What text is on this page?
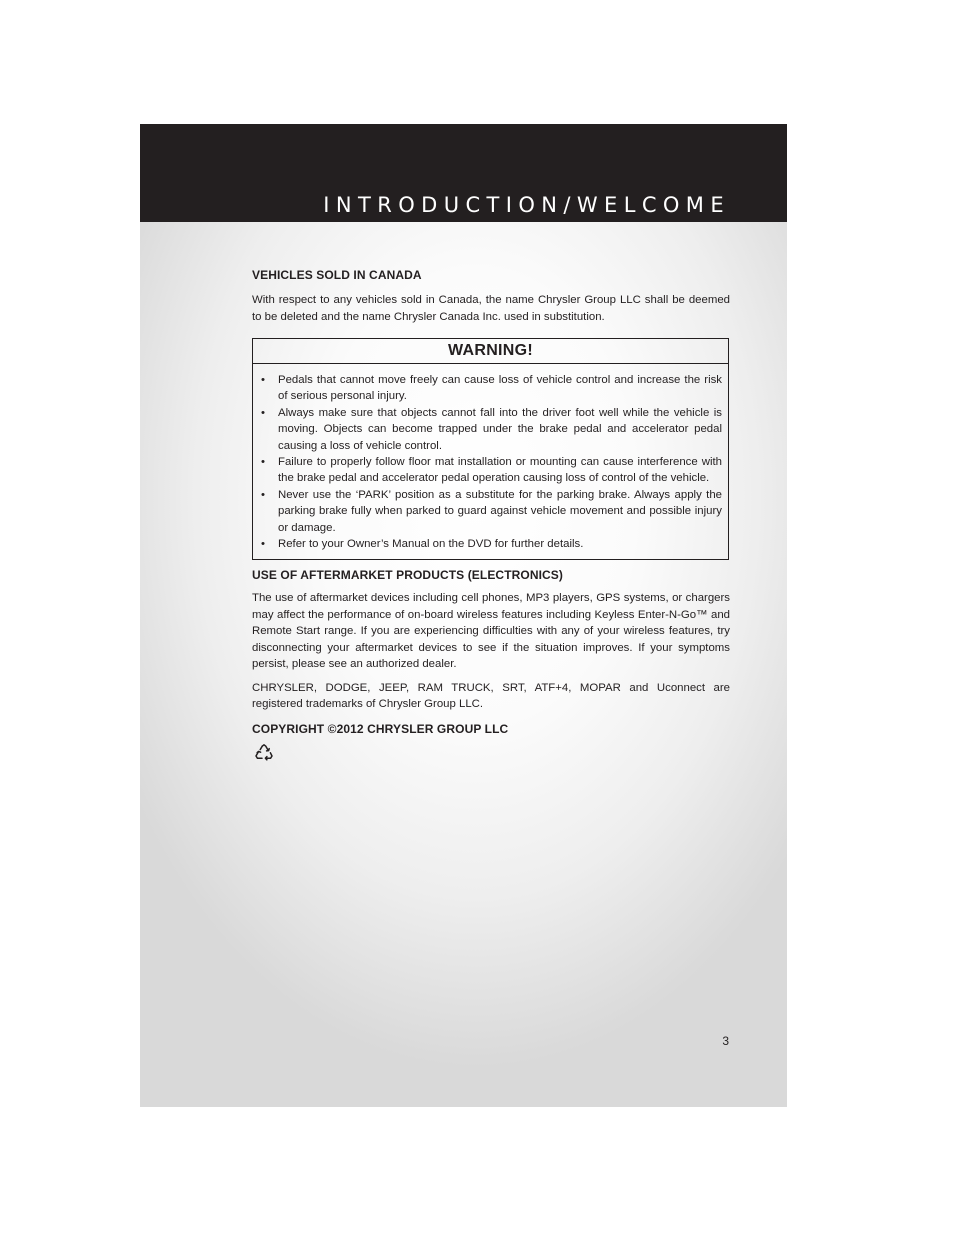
INTRODUCTION/WELCOME
VEHICLES SOLD IN CANADA

With respect to any vehicles sold in Canada, the name Chrysler Group LLC shall be deemed to be deleted and the name Chrysler Canada Inc. used in substitution.

WARNING!
• Pedals that cannot move freely can cause loss of vehicle control and increase the risk of serious personal injury.
• Always make sure that objects cannot fall into the driver foot well while the vehicle is moving. Objects can become trapped under the brake pedal and accelerator pedal causing a loss of vehicle control.
• Failure to properly follow floor mat installation or mounting can cause interference with the brake pedal and accelerator pedal operation causing loss of control of the vehicle.
• Never use the ‘PARK’ position as a substitute for the parking brake. Always apply the parking brake fully when parked to guard against vehicle movement and possible injury or damage.
• Refer to your Owner’s Manual on the DVD for further details.
USE OF AFTERMARKET PRODUCTS (ELECTRONICS)

The use of aftermarket devices including cell phones, MP3 players, GPS systems, or chargers may affect the performance of on-board wireless features including Keyless Enter-N-Go™ and Remote Start range. If you are experiencing difficulties with any of your wireless features, try disconnecting your aftermarket devices to see if the situation improves. If your symptoms persist, please see an authorized dealer.

CHRYSLER, DODGE, JEEP, RAM TRUCK, SRT, ATF+4, MOPAR and Uconnect are registered trademarks of Chrysler Group LLC.

COPYRIGHT ©2012 CHRYSLER GROUP LLC
3
